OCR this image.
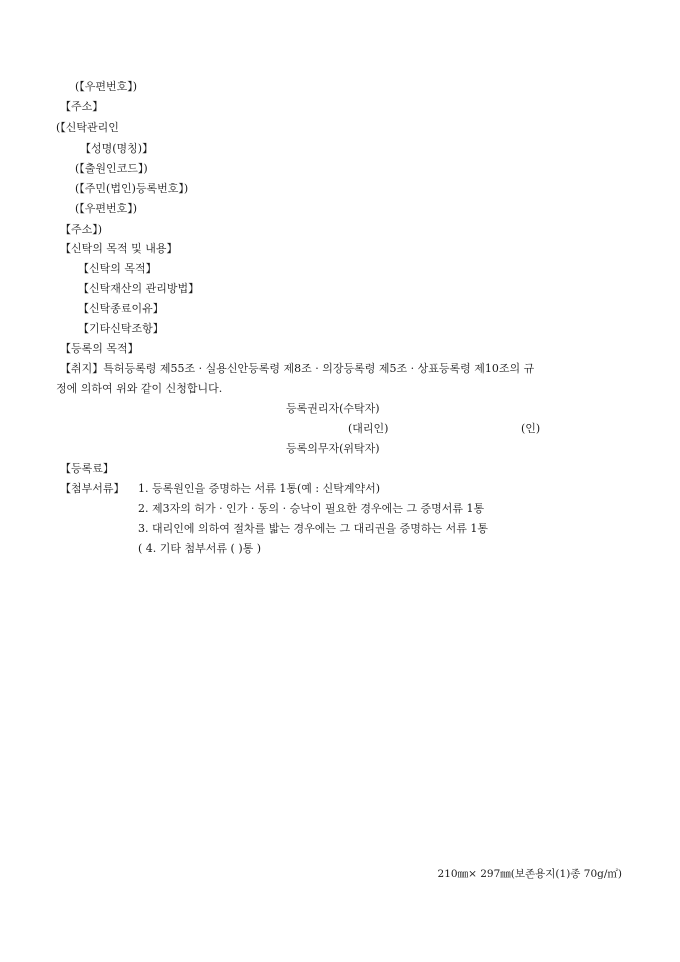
(【우편번호】)
【주소】
(【신탁관리인
【성명(명칭)】
(【출원인코드】)
(【주민(법인)등록번호】)
(【우편번호】)
【주소】)
【신탁의 목적 및 내용】
【신탁의 목적】
【신탁재산의 관리방법】
【신탁종료이유】
【기타신탁조항】
【등록의 목적】
【취지】특허등록령 제55조 · 실용신안등록령 제8조 · 의장등록령 제5조 · 상표등록령 제10조의 규
정에 의하여 위와 같이 신청합니다.
등록권리자(수탁자)
(대리인)	(인)
등록의무자(위탁자)
【등록료】
【첨부서류】 1. 등록원인을 증명하는 서류 1통(예 : 신탁계약서)
2. 제3자의 허가 · 인가 · 동의 · 승낙이 필요한 경우에는 그 증명서류 1통
3. 대리인에 의하여 절차를 밟는 경우에는 그 대리권을 증명하는 서류 1통
( 4. 기타 첨부서류 ( )통 )
210㎜× 297㎜(보존용지(1)종 70g/㎡)
